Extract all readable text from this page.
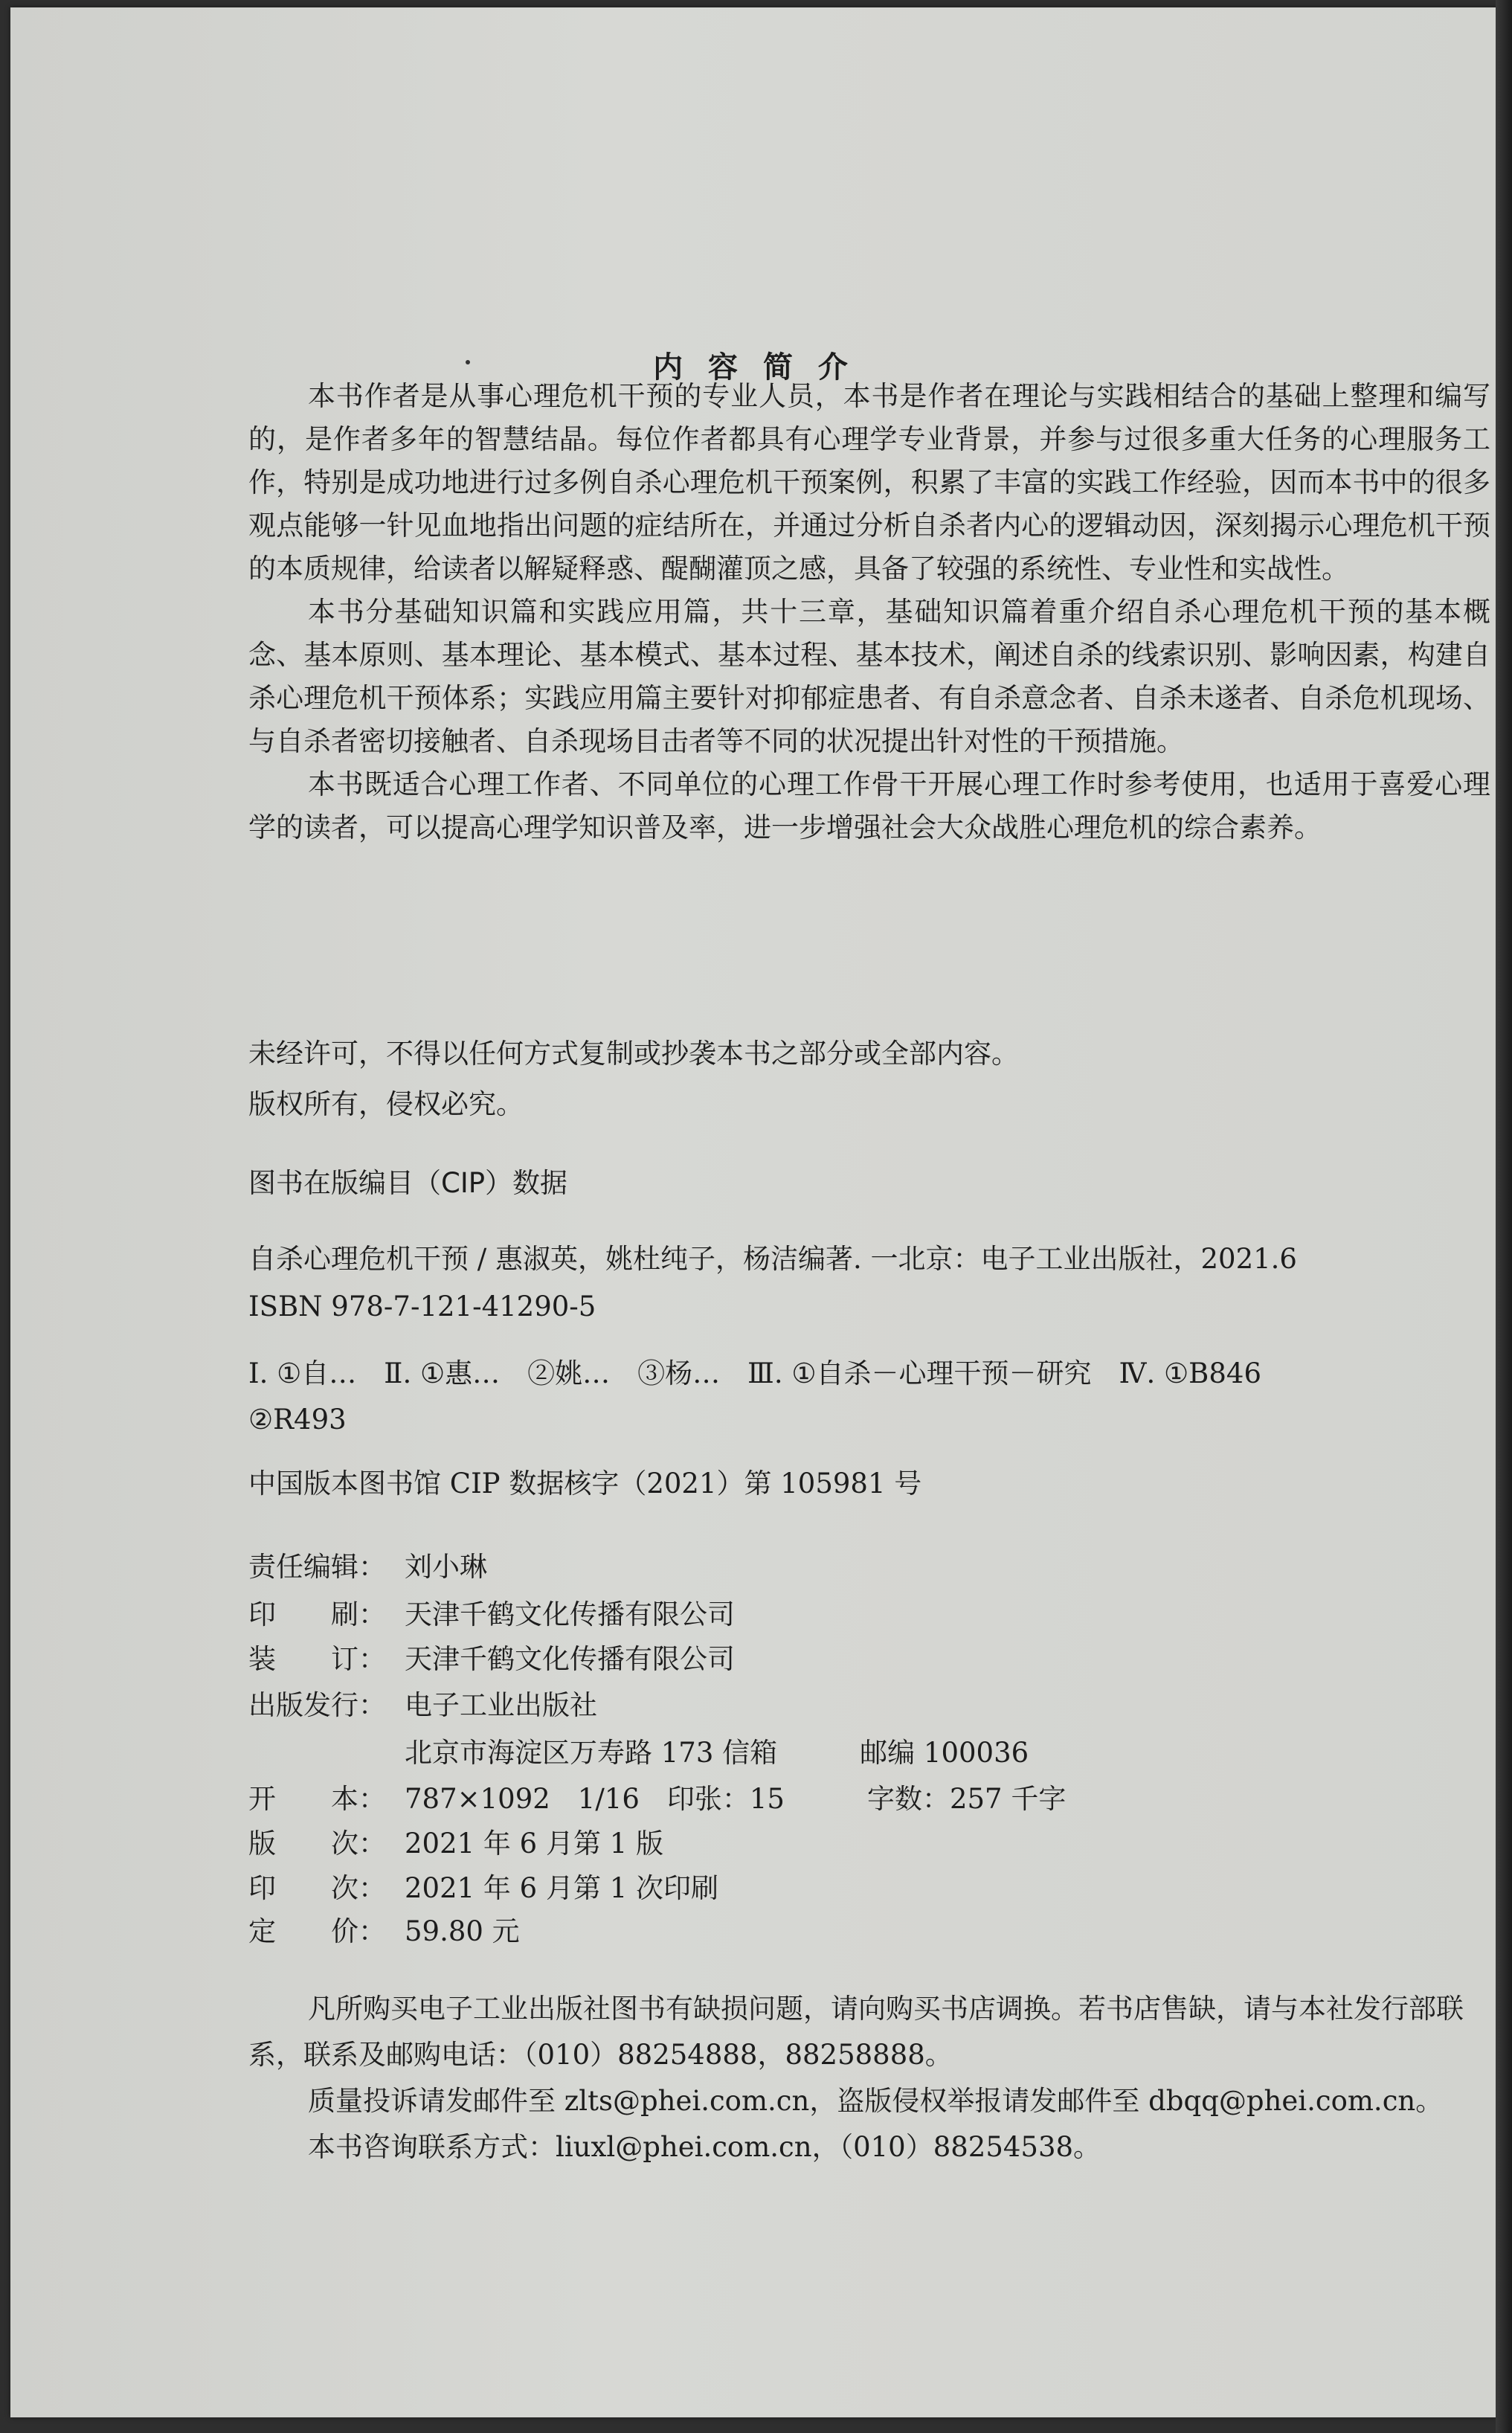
内 容 简 介

本书作者是从事心理危机干预的专业人员，本书是作者在理论与实践相结合的基础上整理和编写的，是作者多年的智慧结晶。每位作者都具有心理学专业背景，并参与过很多重大任务的心理服务工作，特别是成功地进行过多例自杀心理危机干预案例，积累了丰富的实践工作经验，因而本书中的很多观点能够一针见血地指出问题的症结所在，并通过分析自杀者内心的逻辑动因，深刻揭示心理危机干预的本质规律，给读者以解疑释惑、醍醐灌顶之感，具备了较强的系统性、专业性和实战性。

本书分基础知识篇和实践应用篇，共十三章，基础知识篇着重介绍自杀心理危机干预的基本概念、基本原则、基本理论、基本模式、基本过程、基本技术，阐述自杀的线索识别、影响因素，构建自杀心理危机干预体系；实践应用篇主要针对抑郁症患者、有自杀意念者、自杀未遂者、自杀危机现场、与自杀者密切接触者、自杀现场目击者等不同的状况提出针对性的干预措施。

本书既适合心理工作者、不同单位的心理工作骨干开展心理工作时参考使用，也适用于喜爱心理学的读者，可以提高心理学知识普及率，进一步增强社会大众战胜心理危机的综合素养。

未经许可，不得以任何方式复制或抄袭本书之部分或全部内容。
版权所有，侵权必究。
图书在版编目（CIP）数据
自杀心理危机干预 / 惠淑英，姚杜纯子，杨洁编著. 一北京：电子工业出版社，2021.6
ISBN 978-7-121-41290-5
Ⅰ. ①自…　Ⅱ. ①惠…　②姚…　③杨…　Ⅲ. ①自杀－心理干预－研究　Ⅳ. ①B846
②R493
中国版本图书馆 CIP 数据核字（2021）第 105981 号
责任编辑： 刘小琳
印　　刷： 天津千鹤文化传播有限公司
装　　订： 天津千鹤文化传播有限公司
出版发行： 电子工业出版社
北京市海淀区万寿路 173 信箱　　　邮编 100036
开　　本： 787×1092　1/16　印张：15　　　字数：257 千字
版　　次： 2021 年 6 月第 1 版
印　　次： 2021 年 6 月第 1 次印刷
定　　价： 59.80 元

凡所购买电子工业出版社图书有缺损问题，请向购买书店调换。若书店售缺，请与本社发行部联系，联系及邮购电话：（010）88254888，88258888。

质量投诉请发邮件至 zlts@phei.com.cn，盗版侵权举报请发邮件至 dbqq@phei.com.cn。

本书咨询联系方式：liuxl@phei.com.cn，（010）88254538。
